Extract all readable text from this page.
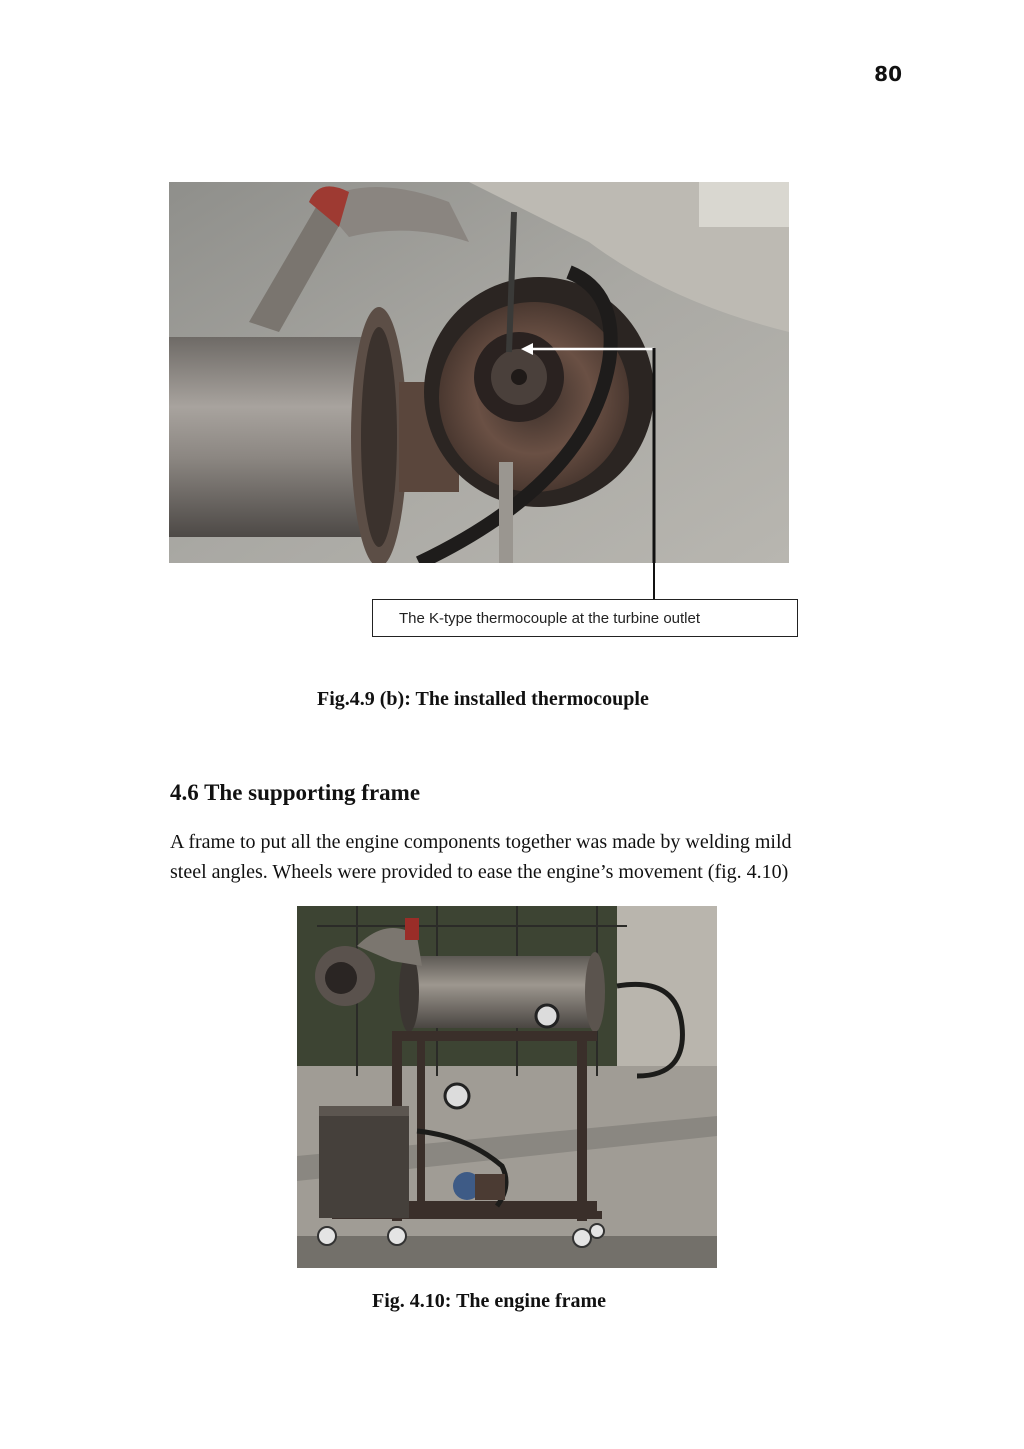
80
The K-type thermocouple at the turbine outlet
Fig.4.9 (b): The installed thermocouple
4.6 The supporting frame
A frame to put all the engine components together was made by welding mild
steel angles. Wheels were provided to ease the engine’s movement (fig. 4.10)
Fig. 4.10: The engine frame
